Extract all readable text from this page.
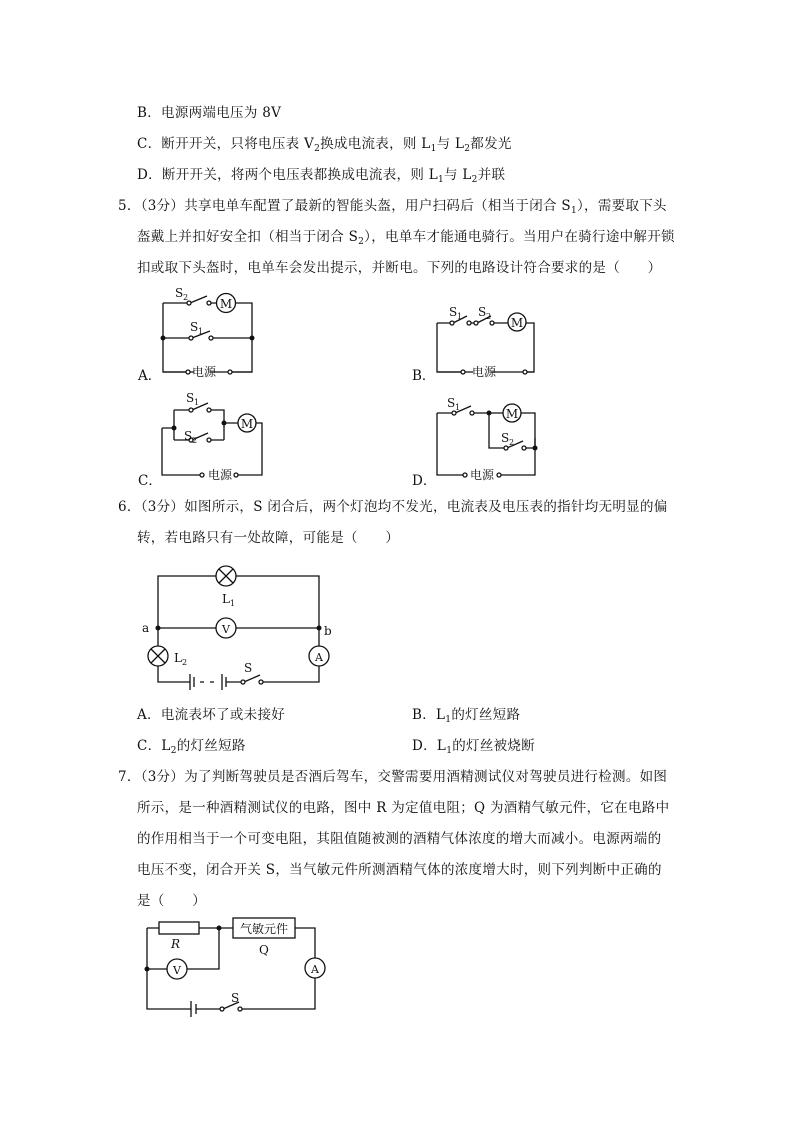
B．电源两端电压为 8V
C．断开开关，只将电压表 $V_2$换成电流表，则 $L_1$与 $L_2$都发光
D．断开开关，将两个电压表都换成电流表，则 $L_1$与 $L_2$并联
5．（3分）共享电单车配置了最新的智能头盔，用户扫码后（相当于闭合 $S_1$），需要取下头
盔戴上并扣好安全扣（相当于闭合 $S_2$），电单车才能通电骑行。当用户在骑行途中解开锁
扣或取下头盔时，电单车会发出提示，并断电。下列的电路设计符合要求的是（　　）
A．	B．
C．	D．
M
S 2
S 1
电源
M
S 1 S 2
电源
M
S 1
S 2
电源
M
S 1
S 2
电源
6．（3分）如图所示，S 闭合后，两个灯泡均不发光，电流表及电压表的指针均无明显的偏
转，若电路只有一处故障，可能是（　　）
L 1
V
a	b
L 2	S
A
A．电流表坏了或未接好	B．$L_1$的灯丝短路
C．$L_2$的灯丝短路	D．$L_1$的灯丝被烧断
7．（3分）为了判断驾驶员是否酒后驾车，交警需要用酒精测试仪对驾驶员进行检测。如图
所示，是一种酒精测试仪的电路，图中 R 为定值电阻；Q 为酒精气敏元件，它在电路中
的作用相当于一个可变电阻，其阻值随被测的酒精气体浓度的增大而减小。电源两端的
电压不变，闭合开关 S，当气敏元件所测酒精气体的浓度增大时，则下列判断中正确的
是（　　）
R
气敏元件
Q
V	A
S
